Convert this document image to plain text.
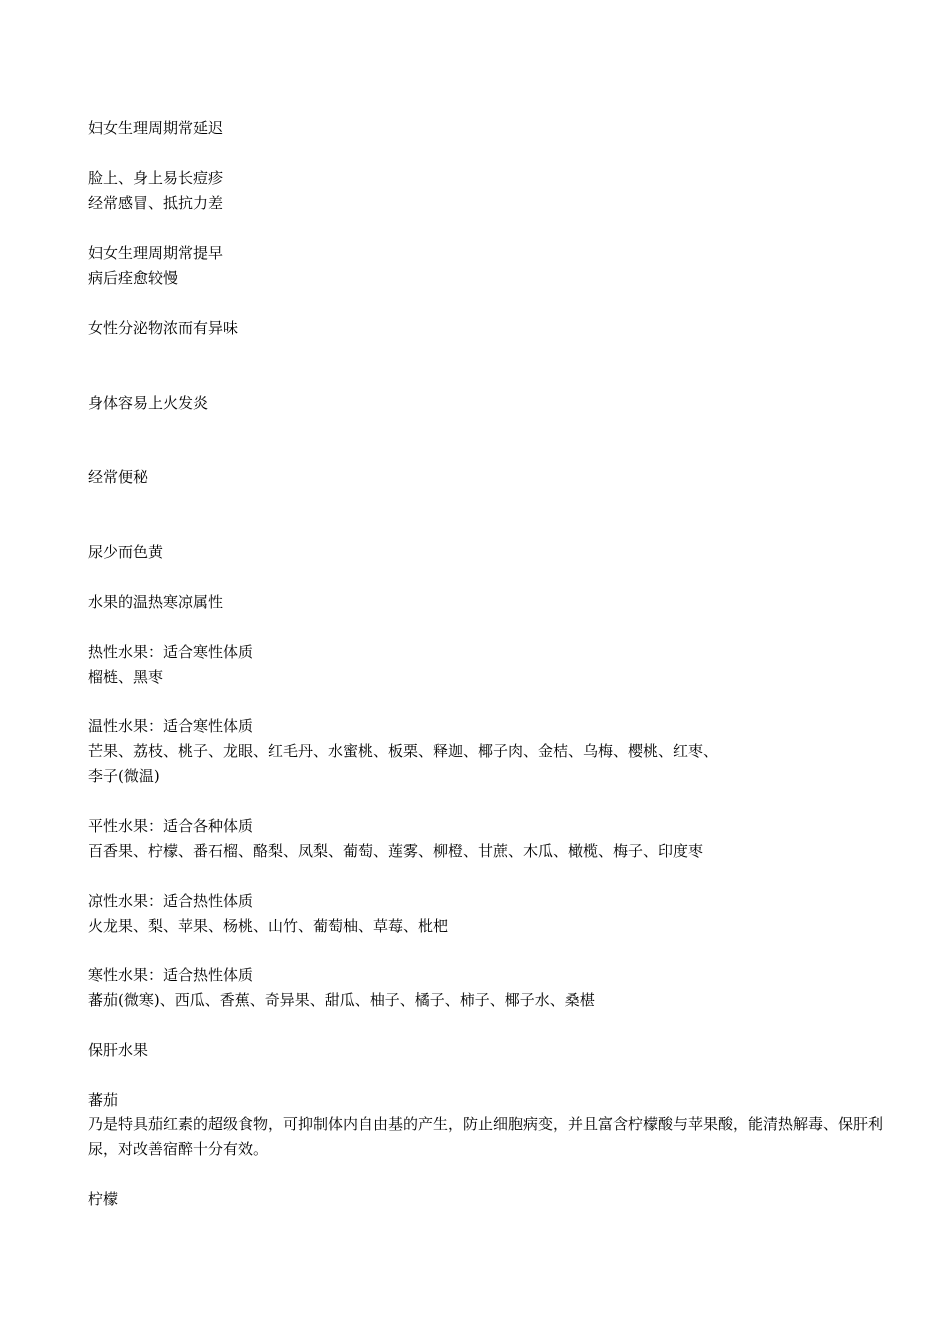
妇女生理周期常延迟

脸上、身上易长痘疹

经常感冒、抵抗力差

妇女生理周期常提早

病后痊愈较慢

女性分泌物浓而有异味

身体容易上火发炎

经常便秘

尿少而色黄

水果的温热寒凉属性

热性水果：适合寒性体质

榴梿、黑枣

温性水果：适合寒性体质

芒果、荔枝、桃子、龙眼、红毛丹、水蜜桃、板栗、释迦、椰子肉、金桔、乌梅、樱桃、红枣、

李子(微温)

平性水果：适合各种体质

百香果、柠檬、番石榴、酪梨、凤梨、葡萄、莲雾、柳橙、甘蔗、木瓜、橄榄、梅子、印度枣

凉性水果：适合热性体质

火龙果、梨、苹果、杨桃、山竹、葡萄柚、草莓、枇杷

寒性水果：适合热性体质

蕃茄(微寒)、西瓜、香蕉、奇异果、甜瓜、柚子、橘子、柿子、椰子水、桑椹

保肝水果

蕃茄

乃是特具茄红素的超级食物，可抑制体内自由基的产生，防止细胞病变，并且富含柠檬酸与苹果酸，能清热解毒、保肝利尿，对改善宿醉十分有效。

柠檬
